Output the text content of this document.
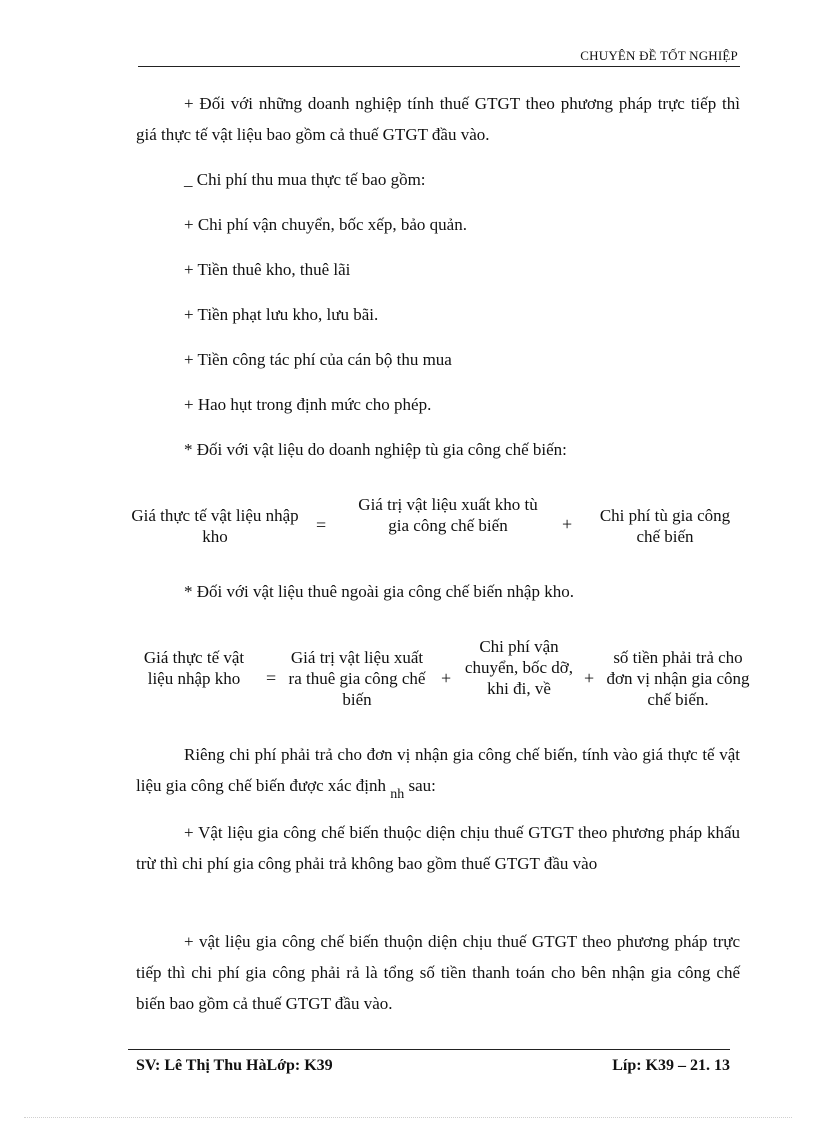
CHUYÊN ĐỀ TỐT NGHIỆP

+ Đối với những doanh nghiệp tính thuế GTGT theo phương pháp trực tiếp thì giá thực tế vật liệu bao gồm cả thuế GTGT đầu vào.

_ Chi phí thu mua thực tế bao gồm:
+ Chi phí vận chuyển, bốc xếp, bảo quản.
+ Tiền thuê kho, thuê lãi
+ Tiền phạt lưu kho, lưu bãi.
+ Tiền công tác phí của cán bộ thu mua
+ Hao hụt trong định mức cho phép.
* Đối với vật liệu do doanh nghiệp tù gia công chế biến:
Giá thực tế vật liệu nhập kho
=
Giá trị vật liệu xuất kho tù gia công chế biến	+	Chi phí tù gia công chế biến
* Đối với vật liệu thuê ngoài gia công chế biến nhập kho.
Giá thực tế vật liệu nhập kho	=
Giá trị vật liệu xuất ra thuê gia công chế biến
+
Chi phí vận chuyển, bốc dỡ, khi đi, về
+
số tiền phải trả cho đơn vị nhận gia công chế biến.

Riêng chi phí phải trả cho đơn vị nhận gia công chế biến, tính vào giá thực tế vật liệu gia công chế biến được xác định $_{nh}$ sau:

+ Vật liệu gia công chế biến thuộc diện chịu thuế GTGT theo phương pháp khấu trừ thì chi phí gia công phải trả không bao gồm thuế GTGT đầu vào

+ vật liệu gia công chế biến thuộn diện chịu thuế GTGT theo phương pháp trực tiếp thì chi phí gia công phải rả là tổng số tiền thanh toán cho bên nhận gia công chế biến bao gồm cả thuế GTGT đầu vào.

SV: Lê Thị Thu HàLớp: K39	Líp: K39 – 21. 13
